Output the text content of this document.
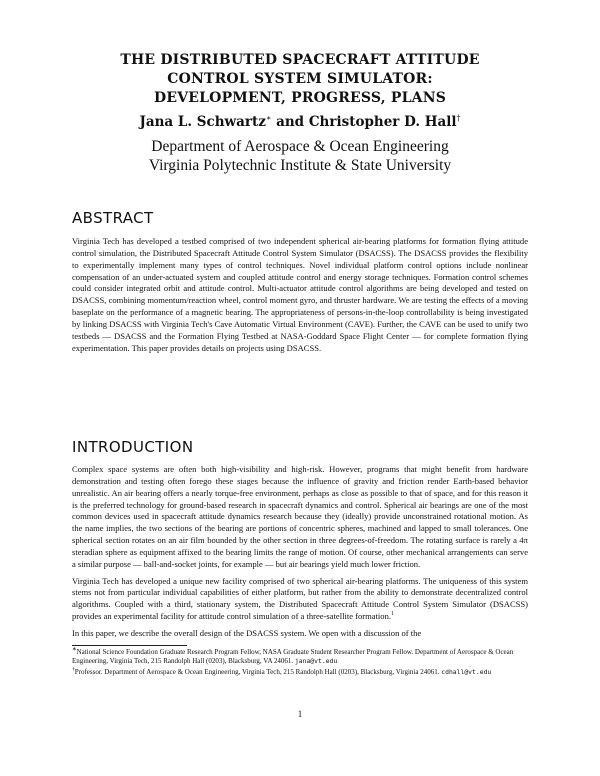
THE DISTRIBUTED SPACECRAFT ATTITUDE
CONTROL SYSTEM SIMULATOR:
DEVELOPMENT, PROGRESS, PLANS
Jana L. Schwartz∗ and Christopher D. Hall†
Department of Aerospace & Ocean Engineering
Virginia Polytechnic Institute & State University
ABSTRACT

Virginia Tech has developed a testbed comprised of two independent spherical air-bearing platforms for formation flying attitude control simulation, the Distributed Spacecraft Attitude Control System Simulator (DSACSS). The DSACSS provides the flexibility to experimentally implement many types of control techniques. Novel individual platform control options include nonlinear compensation of an under-actuated system and coupled attitude control and energy storage techniques. Formation control schemes could consider integrated orbit and attitude control. Multi-actuator attitude control algorithms are being developed and tested on DSACSS, combining momentum/reaction wheel, control moment gyro, and thruster hardware. We are testing the effects of a moving baseplate on the performance of a magnetic bearing. The appropriateness of persons-in-the-loop controllability is being investigated by linking DSACSS with Virginia Tech's Cave Automatic Virtual Environment (CAVE). Further, the CAVE can be used to unify two testbeds — DSACSS and the Formation Flying Testbed at NASA-Goddard Space Flight Center — for complete formation flying experimentation. This paper provides details on projects using DSACSS.

INTRODUCTION

Complex space systems are often both high-visibility and high-risk. However, programs that might benefit from hardware demonstration and testing often forego these stages because the influence of gravity and friction render Earth-based behavior unrealistic. An air bearing offers a nearly torque-free environment, perhaps as close as possible to that of space, and for this reason it is the preferred technology for ground-based research in spacecraft dynamics and control. Spherical air bearings are one of the most common devices used in spacecraft attitude dynamics research because they (ideally) provide unconstrained rotational motion. As the name implies, the two sections of the bearing are portions of concentric spheres, machined and lapped to small tolerances. One spherical section rotates on an air film bounded by the other section in three degrees-of-freedom. The rotating surface is rarely a 4π steradian sphere as equipment affixed to the bearing limits the range of motion. Of course, other mechanical arrangements can serve a similar purpose — ball-and-socket joints, for example — but air bearings yield much lower friction.

Virginia Tech has developed a unique new facility comprised of two spherical air-bearing platforms. The uniqueness of this system stems not from particular individual capabilities of either platform, but rather from the ability to demonstrate decentralized control algorithms. Coupled with a third, stationary system, the Distributed Spacecraft Attitude Control System Simulator (DSACSS) provides an experimental facility for attitude control simulation of a three-satellite formation.$^1$

In this paper, we describe the overall design of the DSACSS system. We open with a discussion of the

∗National Science Foundation Graduate Research Program Fellow, NASA Graduate Student Researcher Program Fellow. Department of Aerospace & Ocean Engineering, Virginia Tech, 215 Randolph Hall (0203), Blacksburg, VA 24061. jana@vt.edu

†Professor. Department of Aerospace & Ocean Engineering, Virginia Tech, 215 Randolph Hall (0203), Blacksburg, Virginia 24061. cdhall@vt.edu

1
